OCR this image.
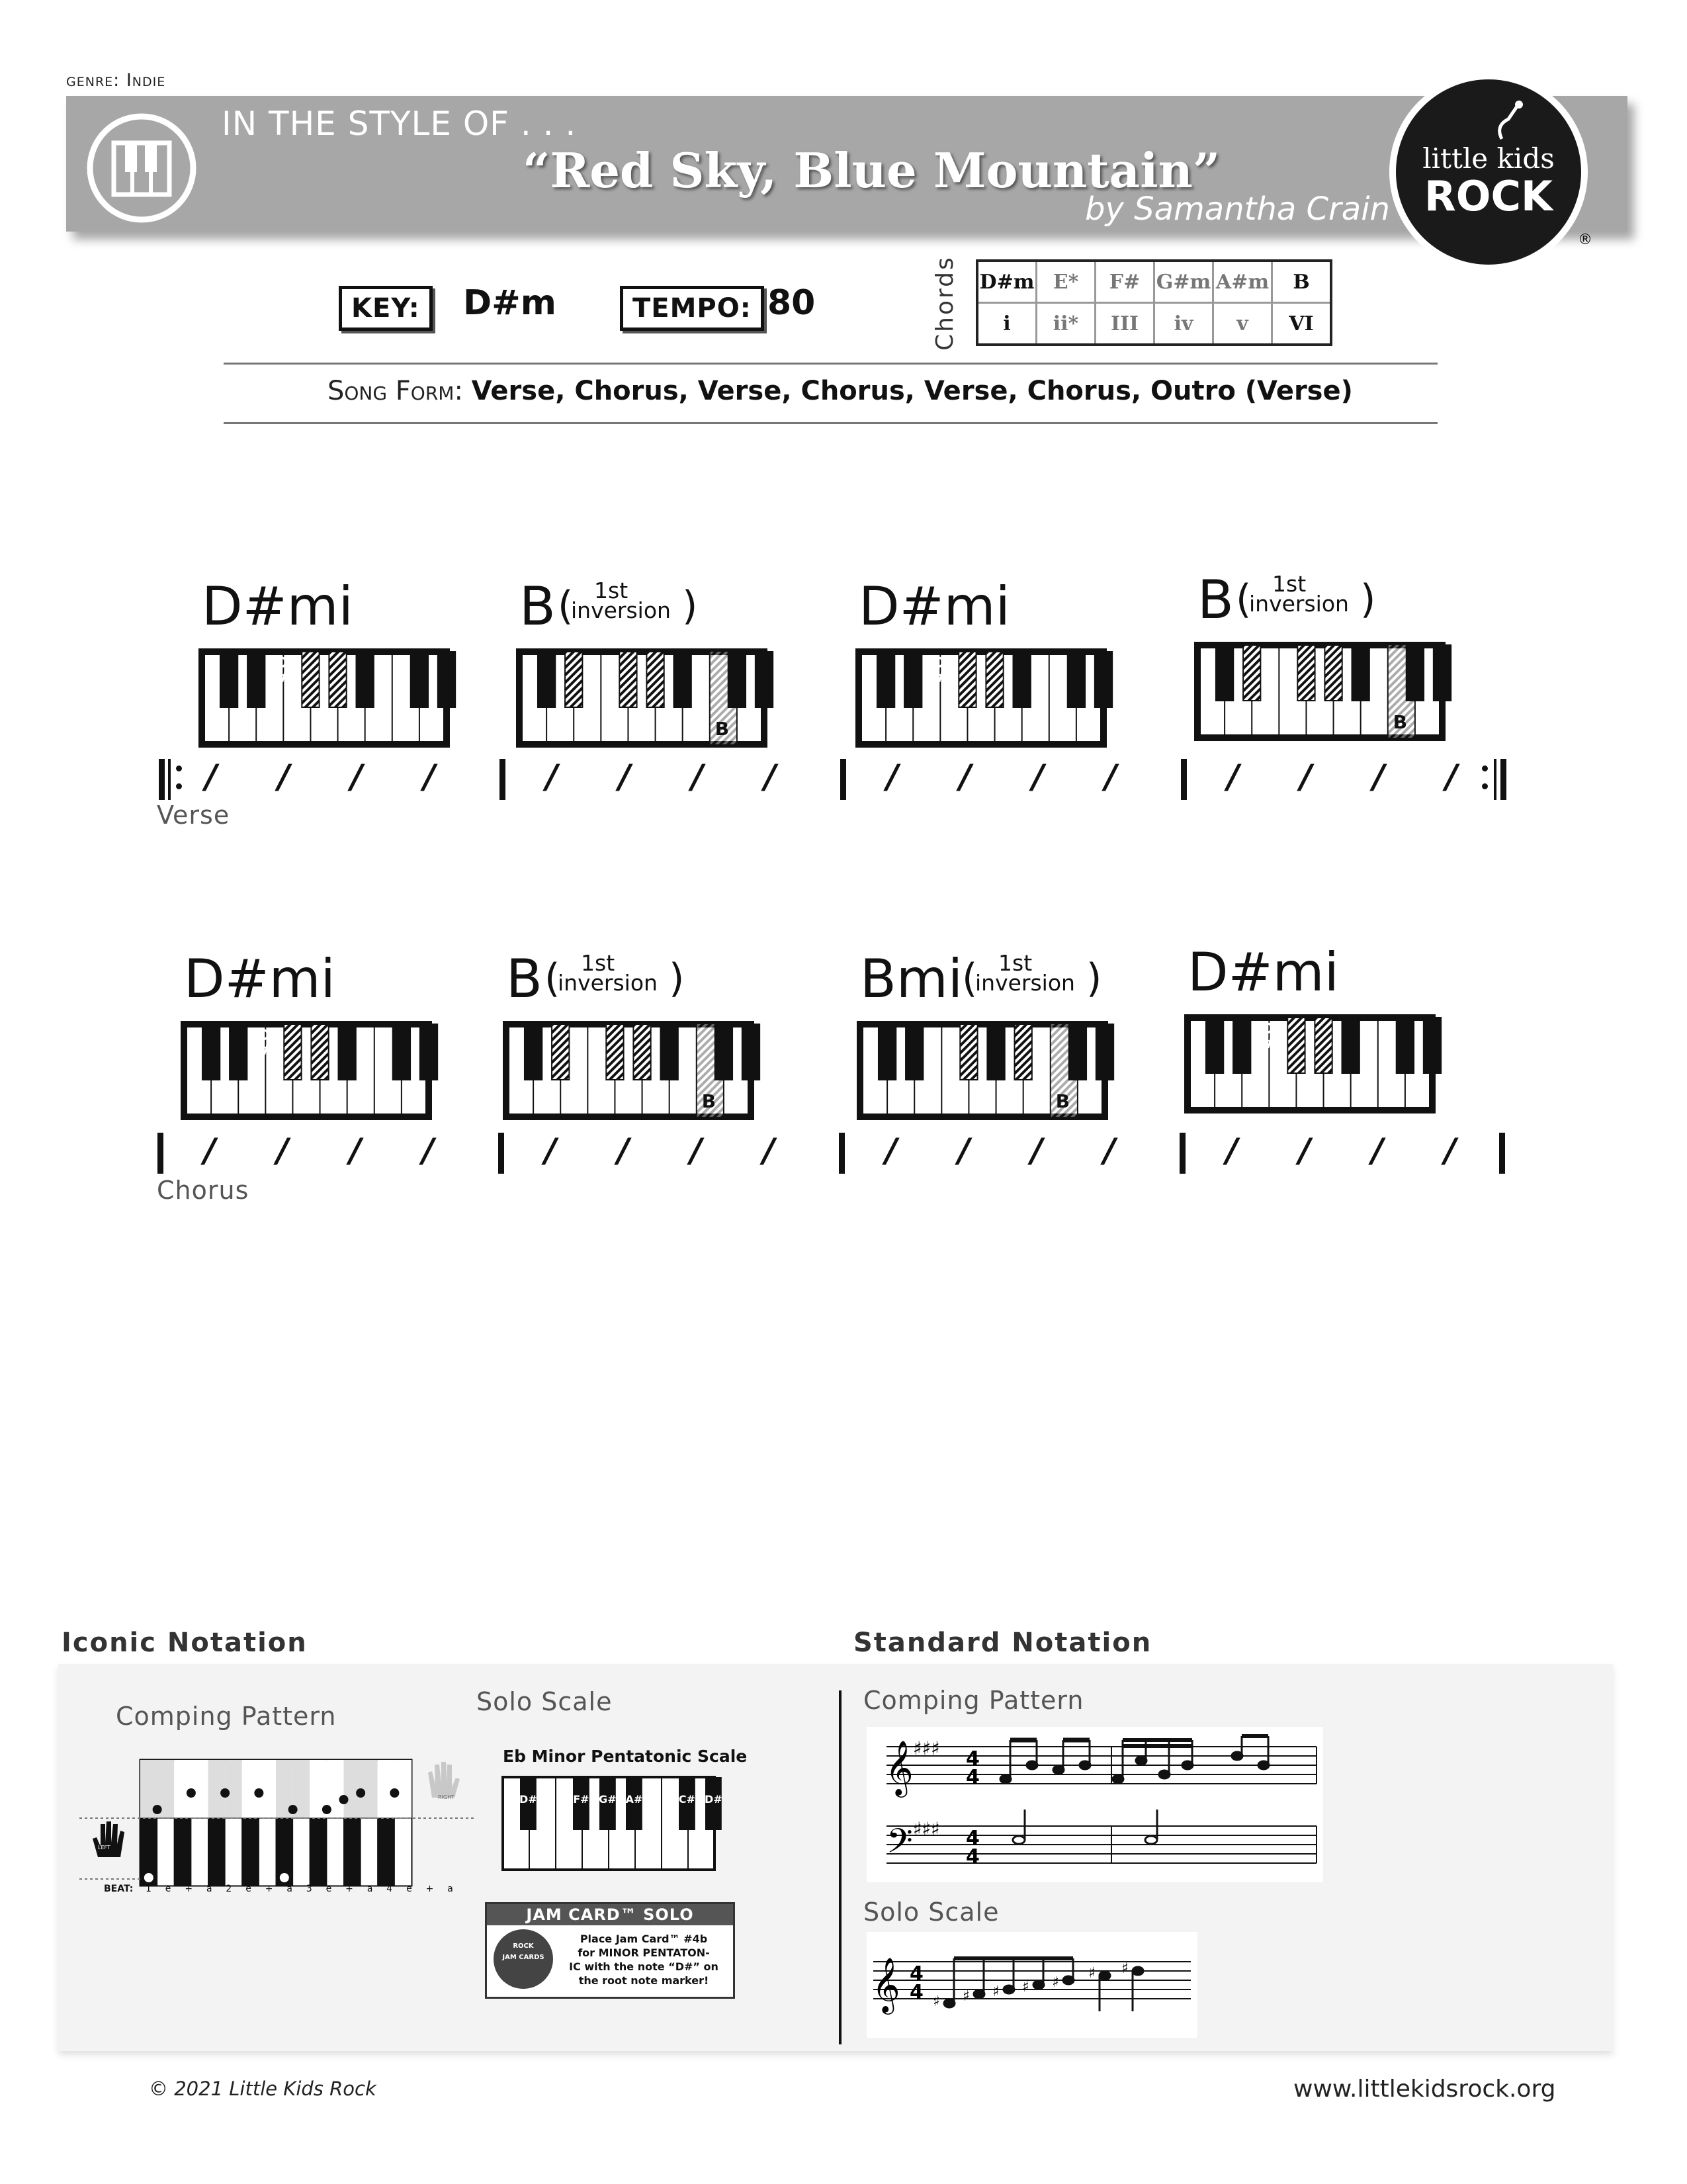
genre: Indie
IN THE STYLE OF . . .
“Red Sky, Blue Mountain”
by Samantha Crain
little kids
ROCK
®
KEY:	D#m	TEMPO: 80	Chords D#m	E*	F#	G#m	A#m	B
i	ii*	III	iv	v	VI
Song Form: Verse, Chorus, Verse, Chorus, Verse, Chorus, Outro (Verse)
D#mi
D#
B ( 1st
inversion )
B
D#mi
D#
B ( 1st
inversion )
B
/ / / /	/ / / /	/ / / /	/ / / /
D#mi
D#
B ( 1st
inversion )
B
Bmi
( 1st
inversion )
B
D#mi
D#
/ / / /	/ / / /	/ / / /	/ / / /
Verse
Chorus
Iconic Notation	Standard Notation
Comping Pattern	Solo Scale
LEFT
RIGHT
BEAT: 1  e  +  a  2  e  +  a  3  e  +  a  4  e  +  a
Eb Minor Pentatonic Scale
D#	F# G# A#	C# D#
JAM CARD™ SOLO
ROCK
JAM CARDS
Place Jam Card™ #4b
for MINOR PENTATON-
IC with the note “D#” on
the root note marker!
Comping Pattern
Solo Scale
𝄞
𝄢
♯♯♯
♯♯♯
4
4
4
4
𝄞 4
4 ♯ ♯ ♯ ♯ ♯
♯ ♯
© 2021 Little Kids Rock	www.littlekidsrock.org
